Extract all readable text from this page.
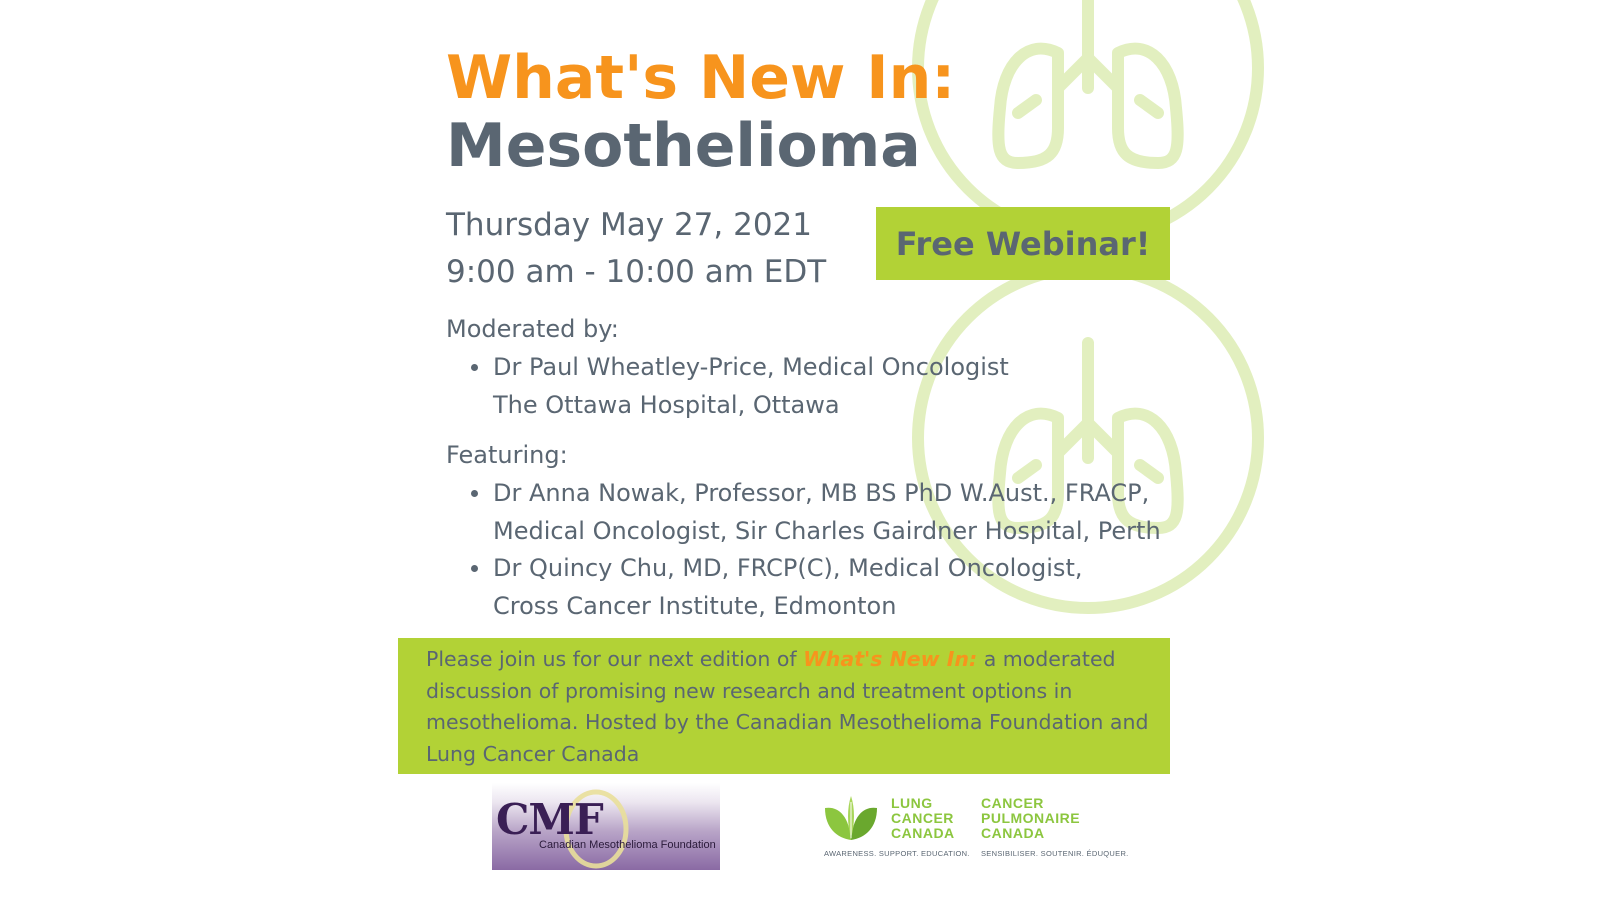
What's New In:
Mesothelioma
Thursday May 27, 2021
9:00 am - 10:00 am EDT
Free Webinar!
Moderated by:
Dr Paul Wheatley-Price, Medical Oncologist
The Ottawa Hospital, Ottawa
Featuring:
Dr Anna Nowak, Professor, MB BS PhD W.Aust., FRACP,
Medical Oncologist, Sir Charles Gairdner Hospital, Perth
Dr Quincy Chu, MD, FRCP(C), Medical Oncologist,
Cross Cancer Institute, Edmonton
Please join us for our next edition of What's New In: a moderated
discussion of promising new research and treatment options in
mesothelioma. Hosted by the Canadian Mesothelioma Foundation and
Lung Cancer Canada
CMF
Canadian Mesothelioma Foundation
LUNG
CANCER
CANADA
CANCER
PULMONAIRE
CANADA
AWARENESS. SUPPORT. EDUCATION. SENSIBILISER. SOUTENIR. ÉDUQUER.
